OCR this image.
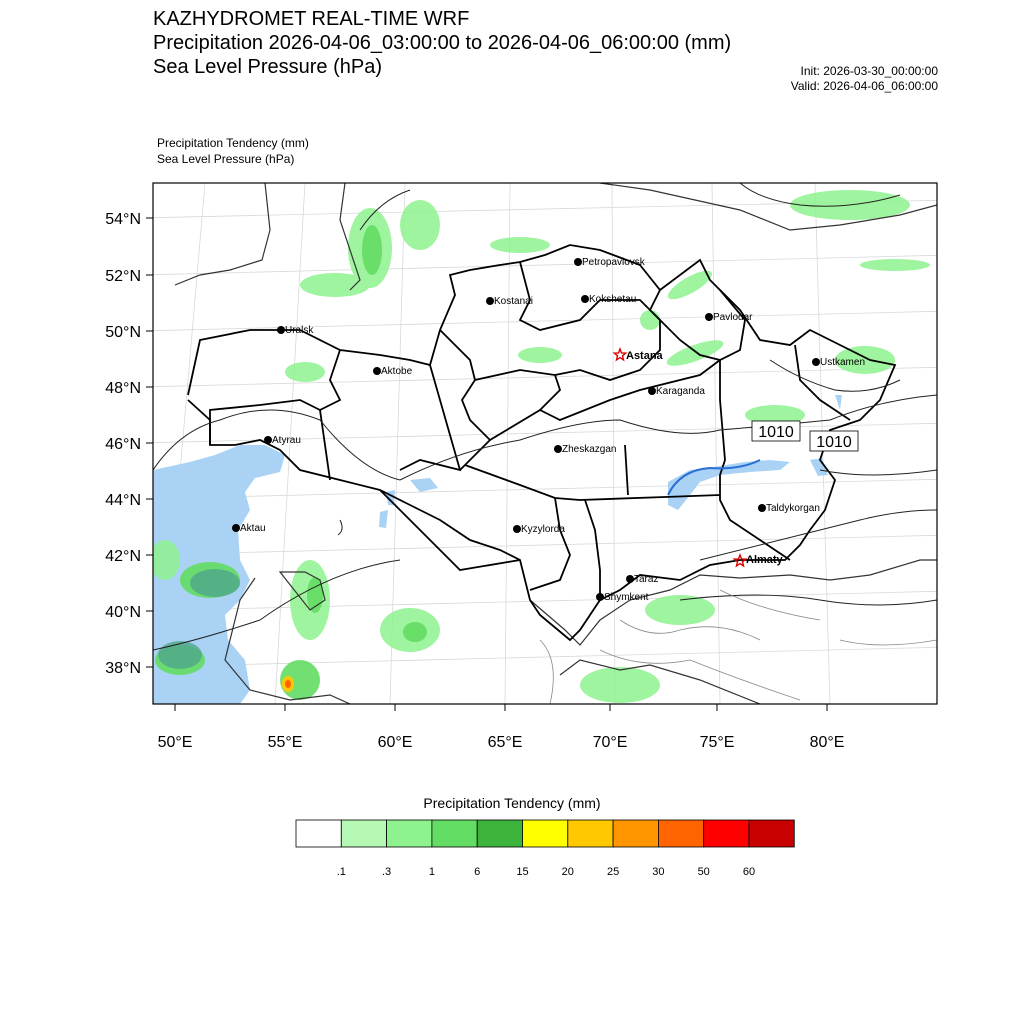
KAZHYDROMET REAL-TIME WRF
Precipitation 2026-04-06_03:00:00 to 2026-04-06_06:00:00 (mm)
Sea Level Pressure (hPa)	Init: 2026-03-30_00:00:00
Valid: 2026-04-06_06:00:00
Precipitation Tendency (mm)
Sea Level Pressure (hPa)
54°N
52°N
50°N
48°N
46°N
44°N
42°N
40°N
38°N
50°E	55°E	60°E	65°E	70°E	75°E	80°E
Petropavlovsk
Kostanai	Kokshetau
Uralsk
Pavlodar
Astana
Aktobe
Ustkamen
Karaganda
Atyrau
Zheskazgan
Aktau
Taldykorgan
Kyzylorda
Almaty
Taraz
Shymkent
1010
1010
Precipitation Tendency (mm)
.1	.3	1	6	15	20	25	30	50	60
